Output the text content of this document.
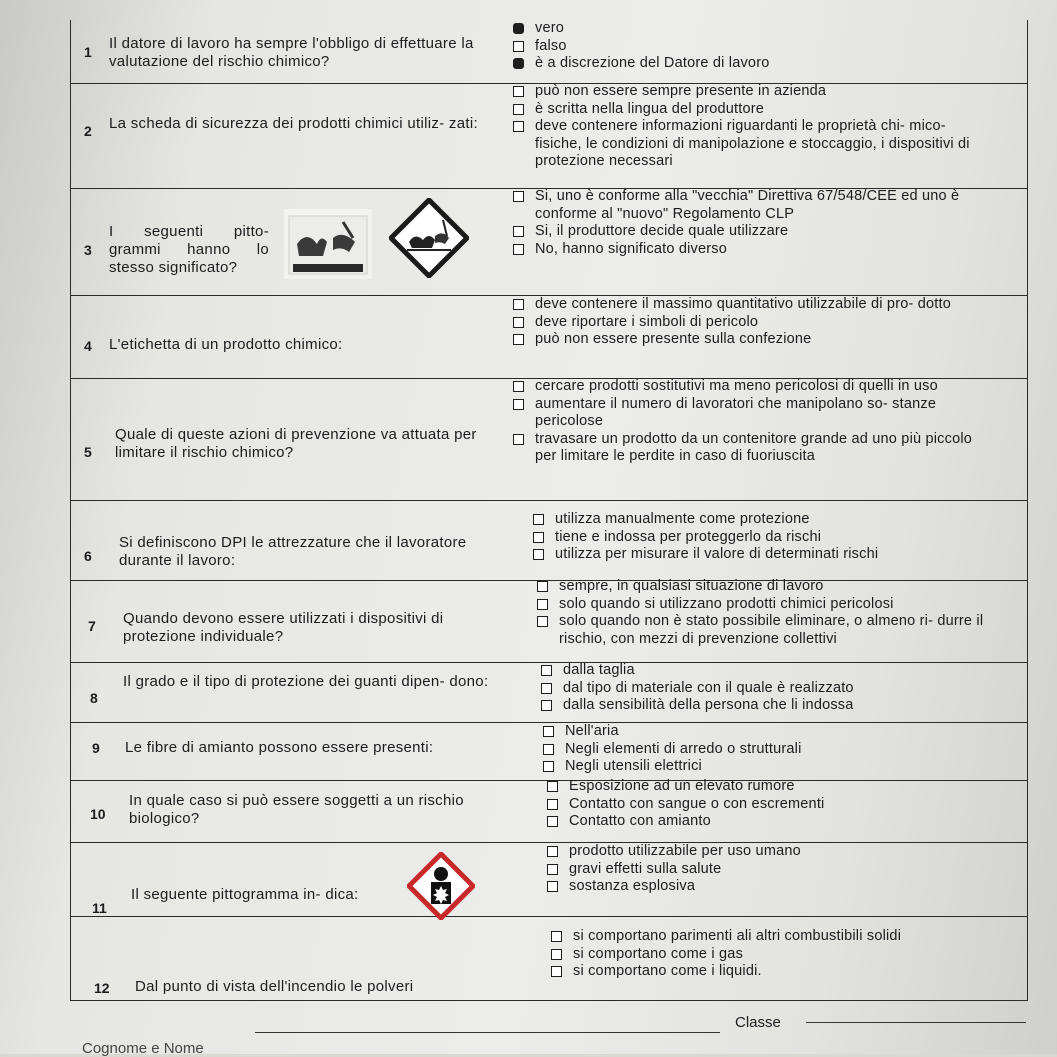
1 Il datore di lavoro ha sempre l'obbligo di effettuare la valutazione del rischio chimico?
vero
falso
è a discrezione del Datore di lavoro
2 La scheda di sicurezza dei prodotti chimici utiliz- zati:
può non essere sempre presente in azienda
è scritta nella lingua del produttore
deve contenere informazioni riguardanti le proprietà chi- mico-fisiche, le condizioni di manipolazione e stoccaggio, i dispositivi di protezione necessari
3
I seguenti pitto- grammi hanno lo stesso significato?
Si, uno è conforme alla "vecchia" Direttiva 67/548/CEE ed uno è conforme al "nuovo" Regolamento CLP
Si, il produttore decide quale utilizzare
No, hanno significato diverso
4 L'etichetta di un prodotto chimico:
deve contenere il massimo quantitativo utilizzabile di pro- dotto
deve riportare i simboli di pericolo
può non essere presente sulla confezione
5
Quale di queste azioni di prevenzione va attuata per limitare il rischio chimico?
cercare prodotti sostitutivi ma meno pericolosi di quelli in uso
aumentare il numero di lavoratori che manipolano so- stanze pericolose
travasare un prodotto da un contenitore grande ad uno più piccolo per limitare le perdite in caso di fuoriuscita
6
Si definiscono DPI le attrezzature che il lavoratore durante il lavoro:
utilizza manualmente come protezione
tiene e indossa per proteggerlo da rischi
utilizza per misurare il valore di determinati rischi
7 Quando devono essere utilizzati i dispositivi di protezione individuale?
sempre, in qualsiasi situazione di lavoro
solo quando si utilizzano prodotti chimici pericolosi
solo quando non è stato possibile eliminare, o almeno ri- durre il rischio, con mezzi di prevenzione collettivi
8
Il grado e il tipo di protezione dei guanti dipen- dono:
dalla taglia
dal tipo di materiale con il quale è realizzato
dalla sensibilità della persona che li indossa
9 Le fibre di amianto possono essere presenti:
Nell'aria
Negli elementi di arredo o strutturali
Negli utensili elettrici
10
In quale caso si può essere soggetti a un rischio biologico?
Esposizione ad un elevato rumore
Contatto con sangue o con escrementi
Contatto con amianto
11
Il seguente pittogramma in- dica:
prodotto utilizzabile per uso umano
gravi effetti sulla salute
sostanza esplosiva
12 Dal punto di vista dell'incendio le polveri
si comportano parimenti ali altri combustibili solidi
si comportano come i gas
si comportano come i liquidi.
Cognome e Nome
Classe
